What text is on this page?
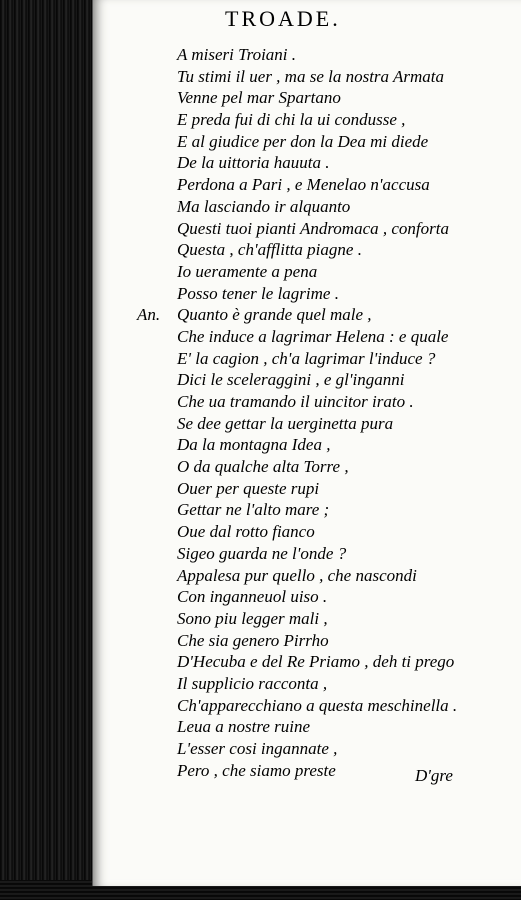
TROADE.
A miseri Troiani .
Tu stimi il uer , ma se la nostra Armata
Venne pel mar Spartano
E preda fui di chi la ui condusse ,
E al giudice per don la Dea mi diede
De la uittoria hauuta .
Perdona a Pari , e Menelao n'accusa
Ma lasciando ir alquanto
Questi tuoi pianti Andromaca , conforta
Questa , ch'afflitta piagne .
Io ueramente a pena
Posso tener le lagrime .
An. Quanto è grande quel male ,
Che induce a lagrimar Helena : e quale
E' la cagion , ch'a lagrimar l'induce ?
Dici le sceleraggini , e gl'inganni
Che ua tramando il uincitor irato .
Se dee gettar la uerginetta pura
Da la montagna Idea ,
O da qualche alta Torre ,
Ouer per queste rupi
Gettar ne l'alto mare ;
Oue dal rotto fianco
Sigeo guarda ne l'onde ?
Appalesa pur quello , che nascondi
Con inganneuol uiso .
Sono piu legger mali ,
Che sia genero Pirrho
D'Hecuba e del Re Priamo , deh ti prego
Il supplicio racconta ,
Ch'apparecchiano a questa meschinella .
Leua a nostre ruine
L'esser cosi ingannate ,
Pero , che siamo preste	D'gre
